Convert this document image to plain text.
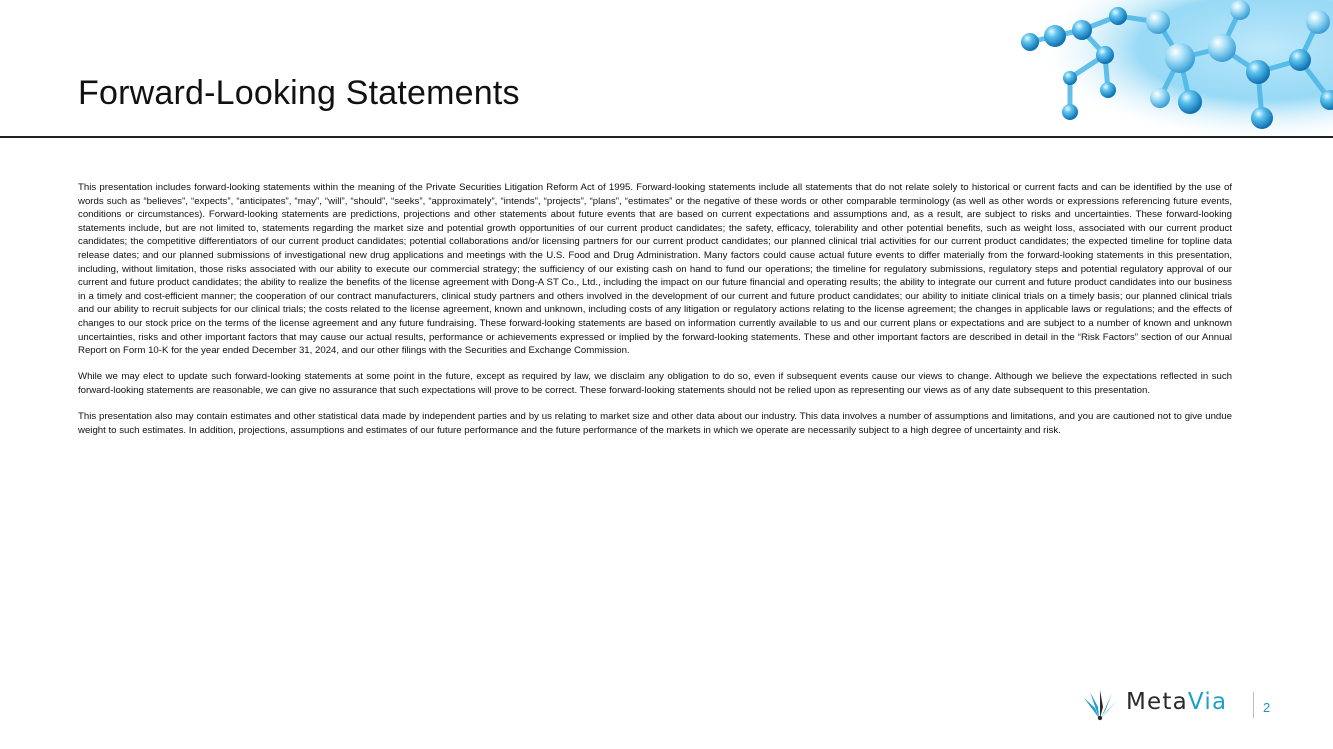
Forward-Looking Statements

This presentation includes forward-looking statements within the meaning of the Private Securities Litigation Reform Act of 1995. Forward-looking statements include all statements that do not relate solely to historical or current facts and can be identified by the use of words such as “believes”, “expects”, “anticipates”, “may”, “will”, “should”, “seeks”, “approximately”, “intends”, “projects”, “plans”, “estimates” or the negative of these words or other comparable terminology (as well as other words or expressions referencing future events, conditions or circumstances). Forward-looking statements are predictions, projections and other statements about future events that are based on current expectations and assumptions and, as a result, are subject to risks and uncertainties. These forward-looking statements include, but are not limited to, statements regarding the market size and potential growth opportunities of our current product candidates; the safety, efficacy, tolerability and other potential benefits, such as weight loss, associated with our current product candidates; the competitive differentiators of our current product candidates; potential collaborations and/or licensing partners for our current product candidates; our planned clinical trial activities for our current product candidates; the expected timeline for topline data release dates; and our planned submissions of investigational new drug applications and meetings with the U.S. Food and Drug Administration. Many factors could cause actual future events to differ materially from the forward-looking statements in this presentation, including, without limitation, those risks associated with our ability to execute our commercial strategy; the sufficiency of our existing cash on hand to fund our operations; the timeline for regulatory submissions, regulatory steps and potential regulatory approval of our current and future product candidates; the ability to realize the benefits of the license agreement with Dong-A ST Co., Ltd., including the impact on our future financial and operating results; the ability to integrate our current and future product candidates into our business in a timely and cost-efficient manner; the cooperation of our contract manufacturers, clinical study partners and others involved in the development of our current and future product candidates; our ability to initiate clinical trials on a timely basis; our planned clinical trials and our ability to recruit subjects for our clinical trials; the costs related to the license agreement, known and unknown, including costs of any litigation or regulatory actions relating to the license agreement; the changes in applicable laws or regulations; and the effects of changes to our stock price on the terms of the license agreement and any future fundraising. These forward-looking statements are based on information currently available to us and our current plans or expectations and are subject to a number of known and unknown uncertainties, risks and other important factors that may cause our actual results, performance or achievements expressed or implied by the forward-looking statements. These and other important factors are described in detail in the “Risk Factors” section of our Annual Report on Form 10-K for the year ended December 31, 2024, and our other filings with the Securities and Exchange Commission.

While we may elect to update such forward-looking statements at some point in the future, except as required by law, we disclaim any obligation to do so, even if subsequent events cause our views to change. Although we believe the expectations reflected in such forward-looking statements are reasonable, we can give no assurance that such expectations will prove to be correct. These forward-looking statements should not be relied upon as representing our views as of any date subsequent to this presentation.

This presentation also may contain estimates and other statistical data made by independent parties and by us relating to market size and other data about our industry. This data involves a number of assumptions and limitations, and you are cautioned not to give undue weight to such estimates. In addition, projections, assumptions and estimates of our future performance and the future performance of the markets in which we operate are necessarily subject to a high degree of uncertainty and risk.

MetaVia	2
